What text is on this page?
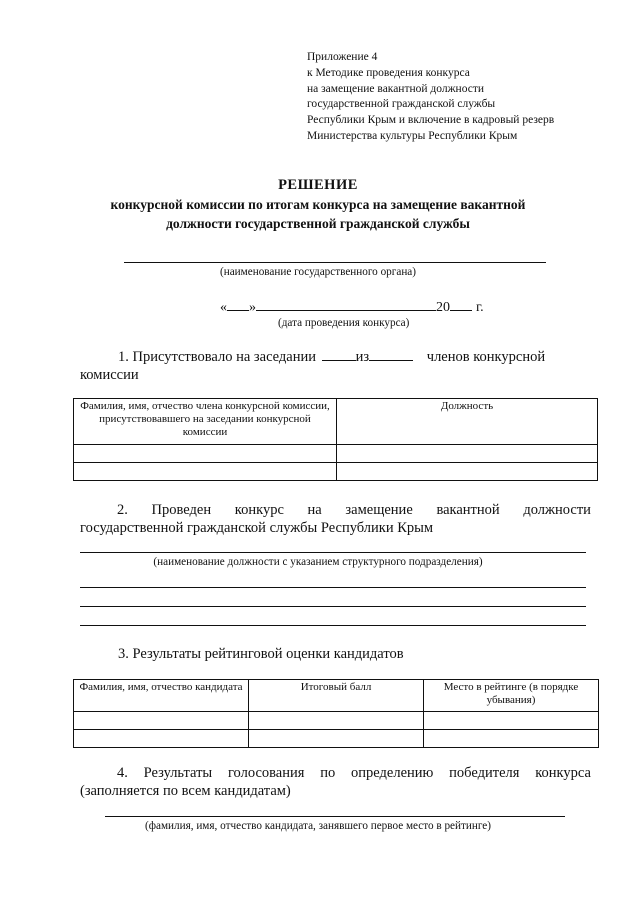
Приложение 4
к Методике проведения конкурса
на замещение вакантной должности
государственной гражданской службы
Республики Крым и включение в кадровый резерв
Министерства культуры Республики Крым
РЕШЕНИЕ
конкурсной комиссии по итогам конкурса на замещение вакантной
должности государственной гражданской службы
(наименование государственного органа)
« »	20 г.
(дата проведения конкурса)
1. Присутствовало на заседании	из	членов конкурсной
комиссии
Фамилия, имя, отчество члена конкурсной комиссии, присутствовавшего на заседании конкурсной комиссии	Должность

2. Проведен конкурс на замещение вакантной должности
государственной гражданской службы Республики Крым
(наименование должности с указанием структурного подразделения)
3. Результаты рейтинговой оценки кандидатов
Фамилия, имя, отчество кандидата	Итоговый балл	Место в рейтинге (в порядке убывания)

4. Результаты голосования по определению победителя конкурса
(заполняется по всем кандидатам)
(фамилия, имя, отчество кандидата, занявшего первое место в рейтинге)
